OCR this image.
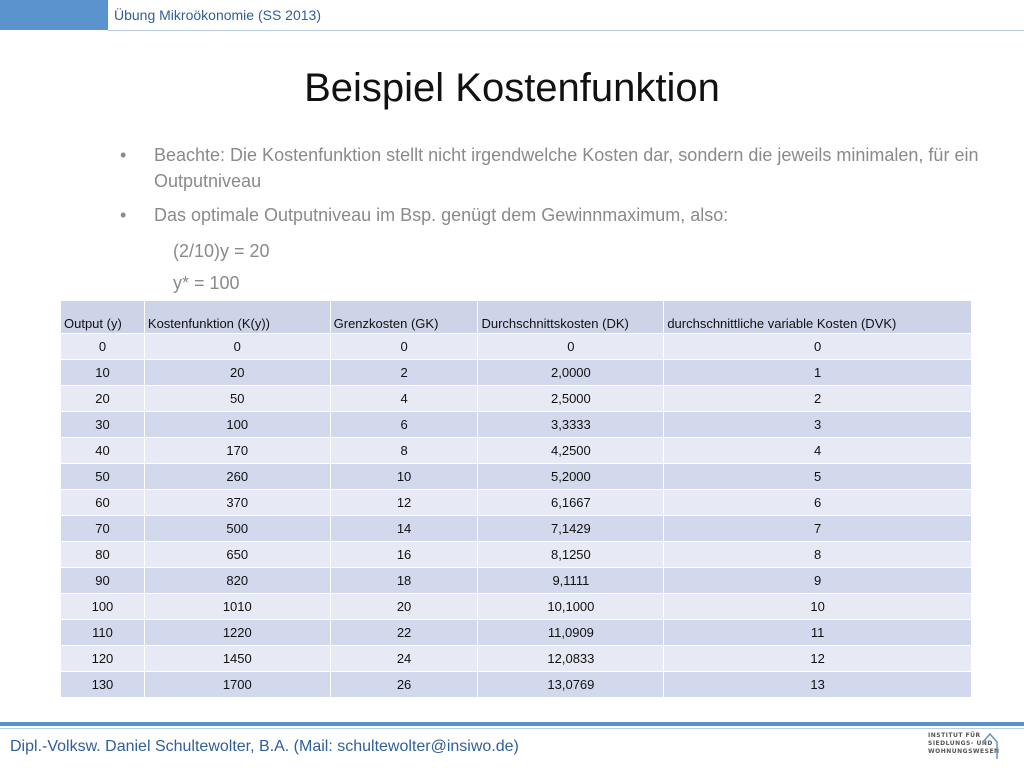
Übung Mikroökonomie (SS 2013)
Beispiel Kostenfunktion
•	Beachte: Die Kostenfunktion stellt nicht irgendwelche Kosten dar, sondern die jeweils minimalen, für ein Outputniveau
•	Das optimale Outputniveau im Bsp. genügt dem Gewinnmaximum, also:
(2/10)y = 20
y* = 100
Output (y)	Kostenfunktion (K(y))	Grenzkosten (GK)	Durchschnittskosten (DK)	durchschnittliche variable Kosten (DVK)
0	0	0	0	0
10	20	2	2,0000	1
20	50	4	2,5000	2
30	100	6	3,3333	3
40	170	8	4,2500	4
50	260	10	5,2000	5
60	370	12	6,1667	6
70	500	14	7,1429	7
80	650	16	8,1250	8
90	820	18	9,1111	9
100	1010	20	10,1000	10
110	1220	22	11,0909	11
120	1450	24	12,0833	12
130	1700	26	13,0769	13
Dipl.-Volksw. Daniel Schultewolter, B.A. (Mail: schultewolter@insiwo.de)
INSTITUT FÜR
SIEDLUNGS- UND
WOHNUNGSWESEN
